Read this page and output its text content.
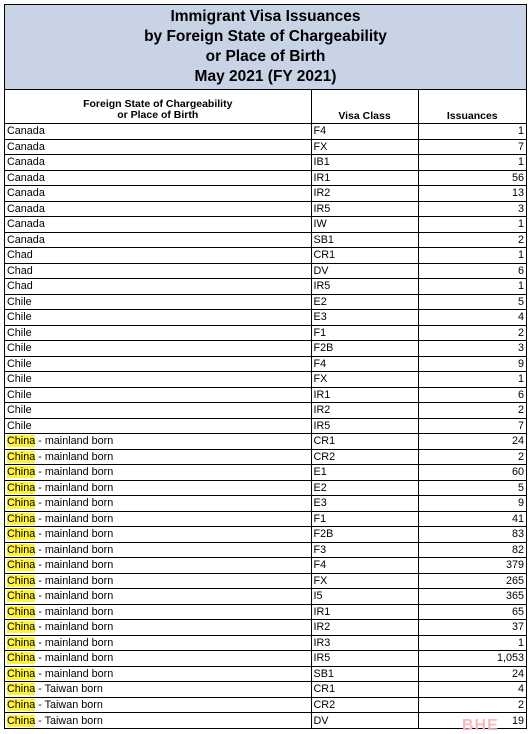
Immigrant Visa Issuances
by Foreign State of Chargeability
or Place of Birth
May 2021 (FY 2021)
Foreign State of Chargeability
or Place of Birth	Visa Class	Issuances
Canada	F4	1
Canada	FX	7
Canada	IB1	1
Canada	IR1	56
Canada	IR2	13
Canada	IR5	3
Canada	IW	1
Canada	SB1	2
Chad	CR1	1
Chad	DV	6
Chad	IR5	1
Chile	E2	5
Chile	E3	4
Chile	F1	2
Chile	F2B	3
Chile	F4	9
Chile	FX	1
Chile	IR1	6
Chile	IR2	2
Chile	IR5	7
China - mainland born	CR1	24
China - mainland born	CR2	2
China - mainland born	E1	60
China - mainland born	E2	5
China - mainland born	E3	9
China - mainland born	F1	41
China - mainland born	F2B	83
China - mainland born	F3	82
China - mainland born	F4	379
China - mainland born	FX	265
China - mainland born	I5	365
China - mainland born	IR1	65
China - mainland born	IR2	37
China - mainland born	IR3	1
China - mainland born	IR5	1,053
China - mainland born	SB1	24
China - Taiwan born	CR1	4
China - Taiwan born	CR2	2
China - Taiwan born	DV	19
BHE
